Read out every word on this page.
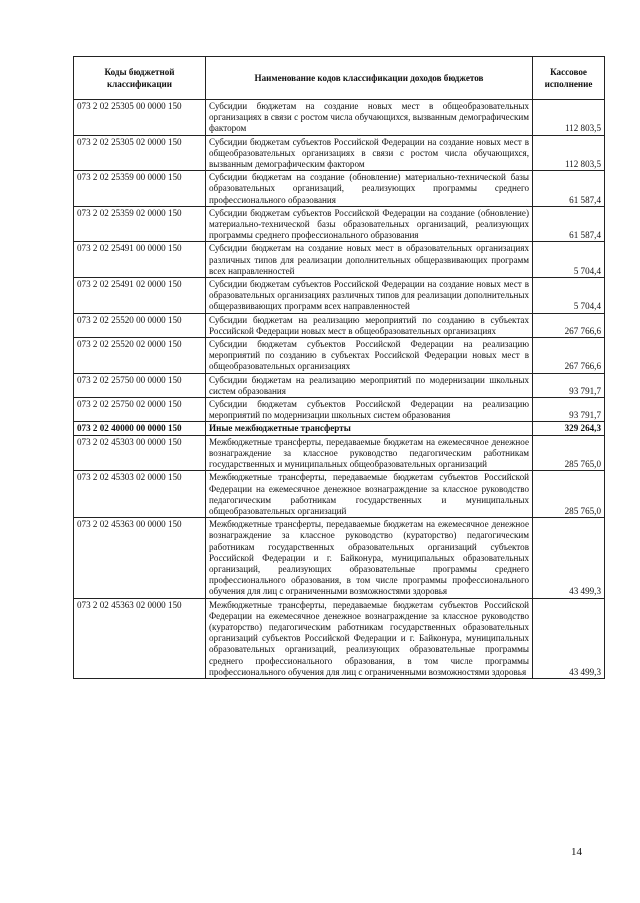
Коды бюджетной классификации	Наименование кодов классификации доходов бюджетов	Кассовое исполнение
073 2 02 25305 00 0000 150	Субсидии бюджетам на создание новых мест в общеобразовательных организациях в связи с ростом числа обучающихся, вызванным демографическим фактором	112 803,5
073 2 02 25305 02 0000 150	Субсидии бюджетам субъектов Российской Федерации на создание новых мест в общеобразовательных организациях в связи с ростом числа обучающихся, вызванным демографическим фактором	112 803,5
073 2 02 25359 00 0000 150	Субсидии бюджетам на создание (обновление) материально-технической базы образовательных организаций, реализующих программы среднего профессионального образования	61 587,4
073 2 02 25359 02 0000 150	Субсидии бюджетам субъектов Российской Федерации на создание (обновление) материально-технической базы образовательных организаций, реализующих программы среднего профессионального образования	61 587,4
073 2 02 25491 00 0000 150	Субсидии бюджетам на создание новых мест в образовательных организациях различных типов для реализации дополнительных общеразвивающих программ всех направленностей	5 704,4
073 2 02 25491 02 0000 150	Субсидии бюджетам субъектов Российской Федерации на создание новых мест в образовательных организациях различных типов для реализации дополнительных общеразвивающих программ всех направленностей	5 704,4
073 2 02 25520 00 0000 150	Субсидии бюджетам на реализацию мероприятий по созданию в субъектах Российской Федерации новых мест в общеобразовательных организациях	267 766,6
073 2 02 25520 02 0000 150	Субсидии бюджетам субъектов Российской Федерации на реализацию мероприятий по созданию в субъектах Российской Федерации новых мест в общеобразовательных организациях	267 766,6
073 2 02 25750 00 0000 150	Субсидии бюджетам на реализацию мероприятий по модернизации школьных систем образования	93 791,7
073 2 02 25750 02 0000 150	Субсидии бюджетам субъектов Российской Федерации на реализацию мероприятий по модернизации школьных систем образования	93 791,7
073 2 02 40000 00 0000 150	Иные межбюджетные трансферты	329 264,3
073 2 02 45303 00 0000 150	Межбюджетные трансферты, передаваемые бюджетам на ежемесячное денежное вознаграждение за классное руководство педагогическим работникам государственных и муниципальных общеобразовательных организаций	285 765,0
073 2 02 45303 02 0000 150	Межбюджетные трансферты, передаваемые бюджетам субъектов Российской Федерации на ежемесячное денежное вознаграждение за классное руководство педагогическим работникам государственных и муниципальных общеобразовательных организаций	285 765,0
073 2 02 45363 00 0000 150	Межбюджетные трансферты, передаваемые бюджетам на ежемесячное денежное вознаграждение за классное руководство (кураторство) педагогическим работникам государственных образовательных организаций субъектов Российской Федерации и г. Байконура, муниципальных образовательных организаций, реализующих образовательные программы среднего профессионального образования, в том числе программы профессионального обучения для лиц с ограниченными возможностями здоровья	43 499,3
073 2 02 45363 02 0000 150	Межбюджетные трансферты, передаваемые бюджетам субъектов Российской Федерации на ежемесячное денежное вознаграждение за классное руководство (кураторство) педагогическим работникам государственных образовательных организаций субъектов Российской Федерации и г. Байконура, муниципальных образовательных организаций, реализующих образовательные программы среднего профессионального образования, в том числе программы профессионального обучения для лиц с ограниченными возможностями здоровья	43 499,3
14
